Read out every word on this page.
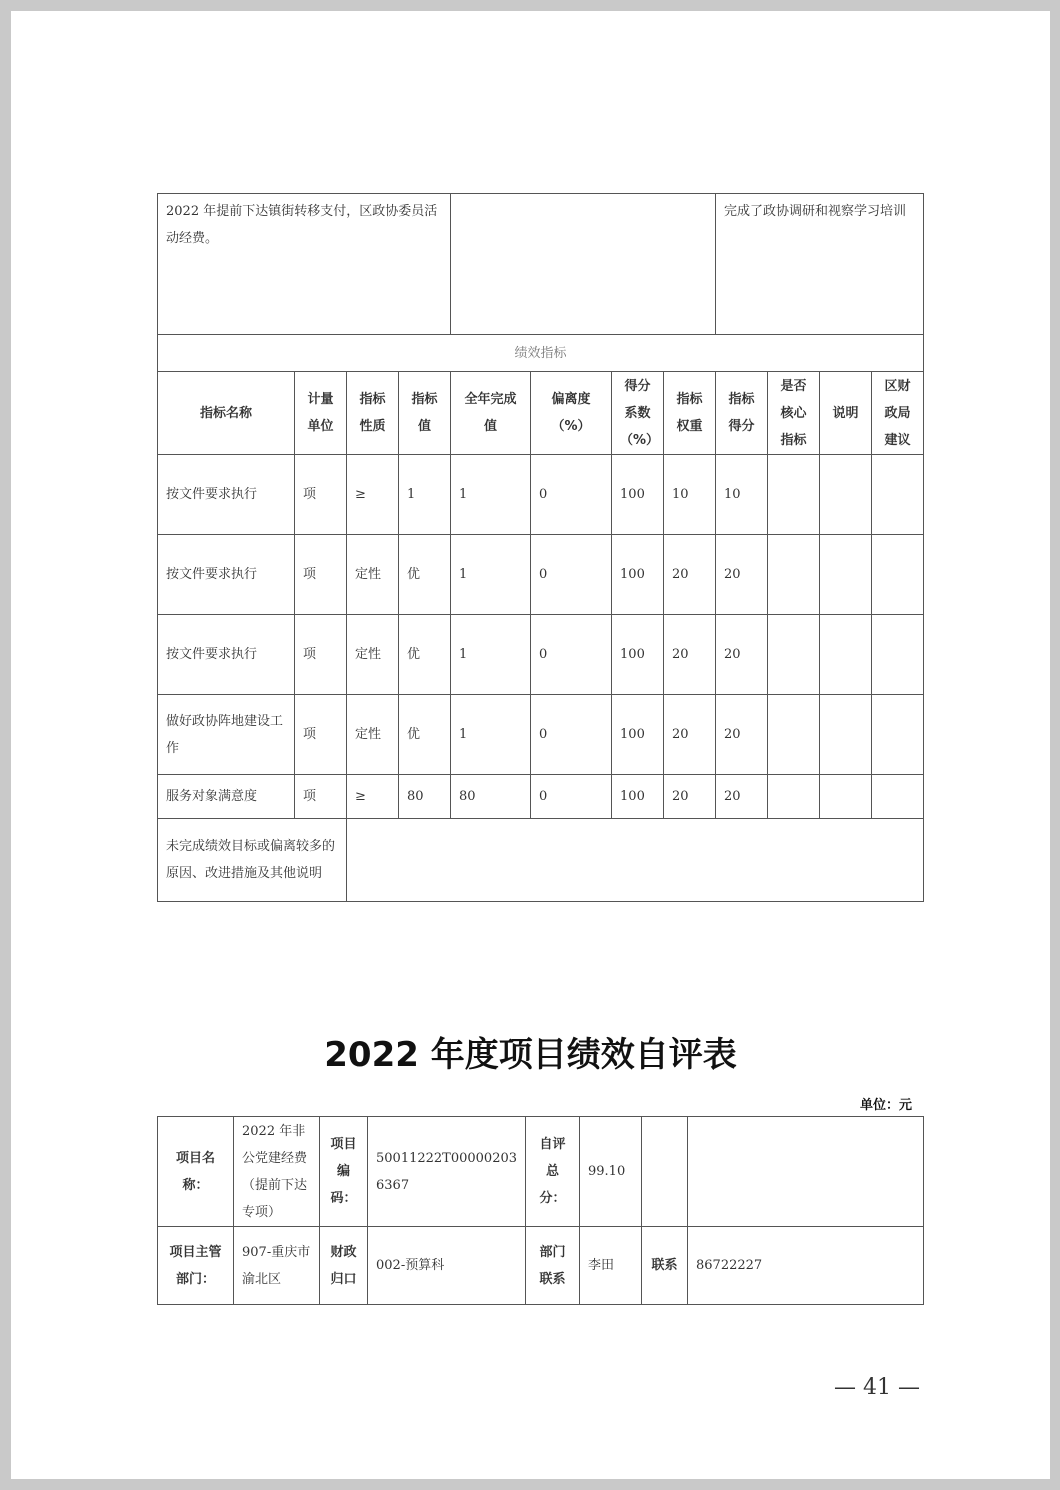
2022 年提前下达镇街转移支付，区政协委员活动经费。								完成了政协调研和视察学习培训			
绩效指标											
指标名称	计量单位	指标性质	指标值	全年完成值	偏离度（%）	得分系数（%）	指标权重	指标得分	是否核心指标	说明	区财政局建议
按文件要求执行	项	≥	1	1	0	100	10	10			
按文件要求执行	项	定性	优	1	0	100	20	20			
按文件要求执行	项	定性	优	1	0	100	20	20			
做好政协阵地建设工作	项	定性	优	1	0	100	20	20			
服务对象满意度	项	≥	80	80	0	100	20	20			
未完成绩效目标或偏离较多的原因、改进措施及其他说明											
2022 年度项目绩效自评表
单位：元
项目名称：	2022 年非公党建经费（提前下达专项）	项目编码：	50011222T000002036367	自评总分：	99.10		
项目主管部门：	907-重庆市渝北区	财政归口	002-预算科	部门联系	李田	联系	86722227
— 41 —
